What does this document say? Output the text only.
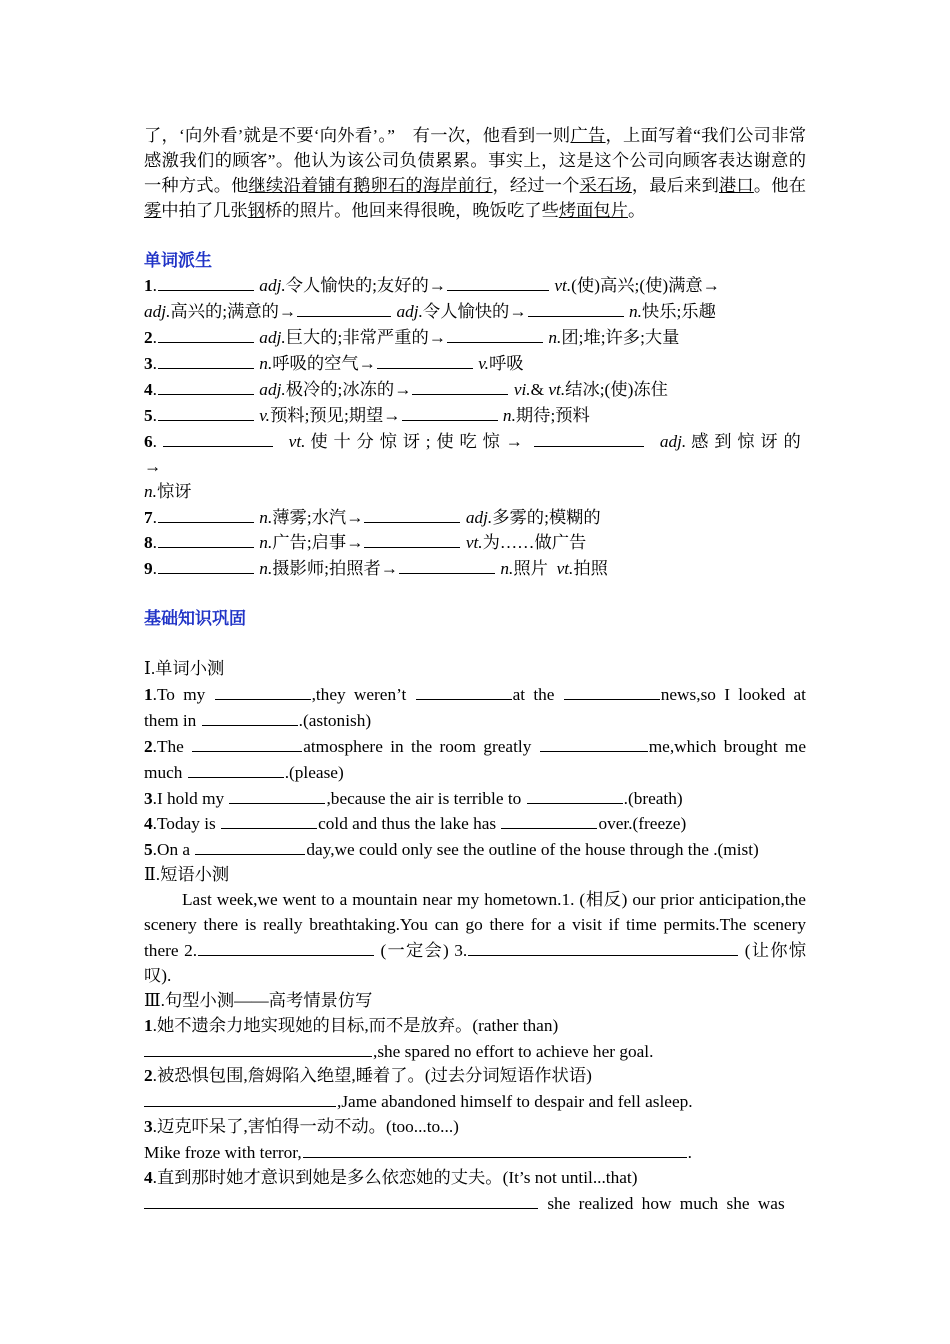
了，‘向外看’就是不要‘向外看’。”　有一次，他看到一则广告，上面写着“我们公司非常感激我们的顾客”。他认为该公司负债累累。事实上，这是这个公司向顾客表达谢意的一种方式。他继续沿着铺有鹅卵石的海岸前行，经过一个采石场，最后来到港口。他在雾中拍了几张钢桥的照片。他回来得很晚，晚饭吃了些烤面包片。

单词派生

1.	adj.令人愉快的;友好的→	vt.(使)高兴;(使)满意→
adj.高兴的;满意的→	adj.令人愉快的→	n.快乐;乐趣

2.	adj.巨大的;非常严重的→	n.团;堆;许多;大量

3.	n.呼吸的空气→	v.呼吸

4.	adj.极冷的;冰冻的→	vi.& vt.结冰;(使)冻住

5.	v.预料;预见;期望→	n.期待;预料

6.	vt. 使十分惊讶;使吃惊→	adj. 感到惊讶的→
n.惊讶

7.	n.薄雾;水汽→	adj.多雾的;模糊的

8.	n.广告;启事→	vt.为……做广告

9.	n.摄影师;拍照者→	n.照片 vt.拍照

基础知识巩固

Ⅰ.单词小测

1.To my	,they weren’t	at the	news,so I looked at them in	.(astonish)

2.The	atmosphere in the room greatly	me,which brought me much	.(please)

3.I hold my	,because the air is terrible to	.(breath)

4.Today is	cold and thus the lake has	over.(freeze)

5.On a	day,we could only see the outline of the house through the .(mist)

Ⅱ.短语小测

Last week,we went to a mountain near my hometown.1. (相反) our prior anticipation,the scenery there is really breathtaking.You can go there for a visit if time permits.The scenery there 2.	(一定会) 3.	(让你惊叹).

Ⅲ.句型小测——高考情景仿写

1.她不遗余力地实现她的目标,而不是放弃。(rather than)

,she spared no effort to achieve her goal.

2.被恐惧包围,詹姆陷入绝望,睡着了。(过去分词短语作状语)

,Jame abandoned himself to despair and fell asleep.

3.迈克吓呆了,害怕得一动不动。(too...to...)

Mike froze with terror,	.

4.直到那时她才意识到她是多么依恋她的丈夫。(It’s not until...that)

she realized how much she was
